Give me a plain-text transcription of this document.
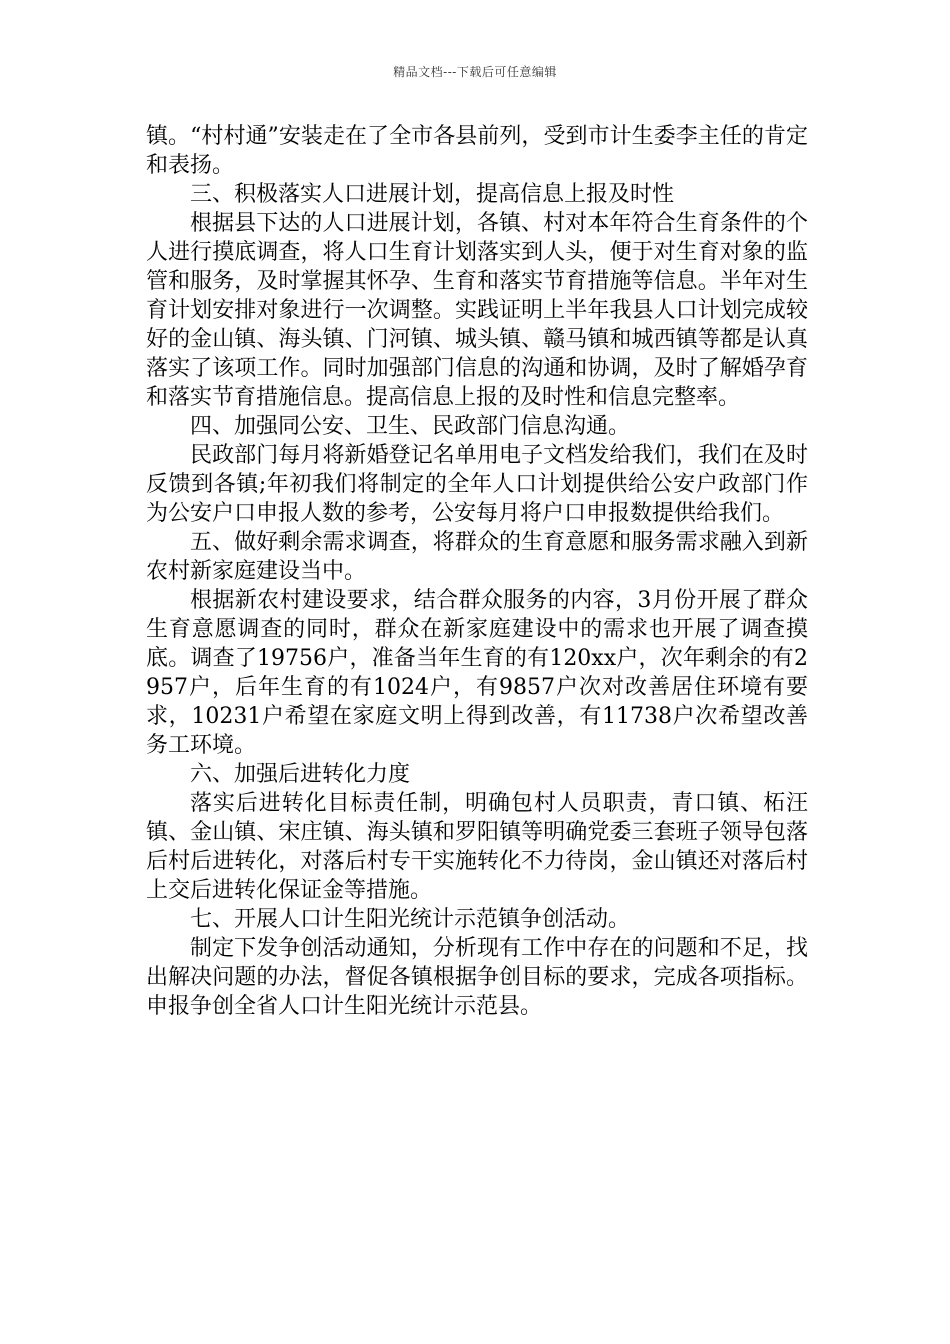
精品文档---下载后可任意编辑

镇。“村村通”安装走在了全市各县前列，受到市计生委李主任的肯定和表扬。

三、积极落实人口进展计划，提高信息上报及时性

根据县下达的人口进展计划，各镇、村对本年符合生育条件的个人进行摸底调查，将人口生育计划落实到人头，便于对生育对象的监管和服务，及时掌握其怀孕、生育和落实节育措施等信息。半年对生育计划安排对象进行一次调整。实践证明上半年我县人口计划完成较好的金山镇、海头镇、门河镇、城头镇、赣马镇和城西镇等都是认真落实了该项工作。同时加强部门信息的沟通和协调，及时了解婚孕育和落实节育措施信息。提高信息上报的及时性和信息完整率。

四、加强同公安、卫生、民政部门信息沟通。

民政部门每月将新婚登记名单用电子文档发给我们，我们在及时反馈到各镇;年初我们将制定的全年人口计划提供给公安户政部门作为公安户口申报人数的参考，公安每月将户口申报数提供给我们。

五、做好剩余需求调查，将群众的生育意愿和服务需求融入到新农村新家庭建设当中。

根据新农村建设要求，结合群众服务的内容，3月份开展了群众生育意愿调查的同时，群众在新家庭建设中的需求也开展了调查摸底。调查了19756户，准备当年生育的有120xx户，次年剩余的有2957户，后年生育的有1024户，有9857户次对改善居住环境有要求，10231户希望在家庭文明上得到改善，有11738户次希望改善务工环境。

六、加强后进转化力度

落实后进转化目标责任制，明确包村人员职责，青口镇、柘汪镇、金山镇、宋庄镇、海头镇和罗阳镇等明确党委三套班子领导包落后村后进转化，对落后村专干实施转化不力待岗，金山镇还对落后村上交后进转化保证金等措施。

七、开展人口计生阳光统计示范镇争创活动。

制定下发争创活动通知，分析现有工作中存在的问题和不足，找出解决问题的办法，督促各镇根据争创目标的要求，完成各项指标。申报争创全省人口计生阳光统计示范县。
